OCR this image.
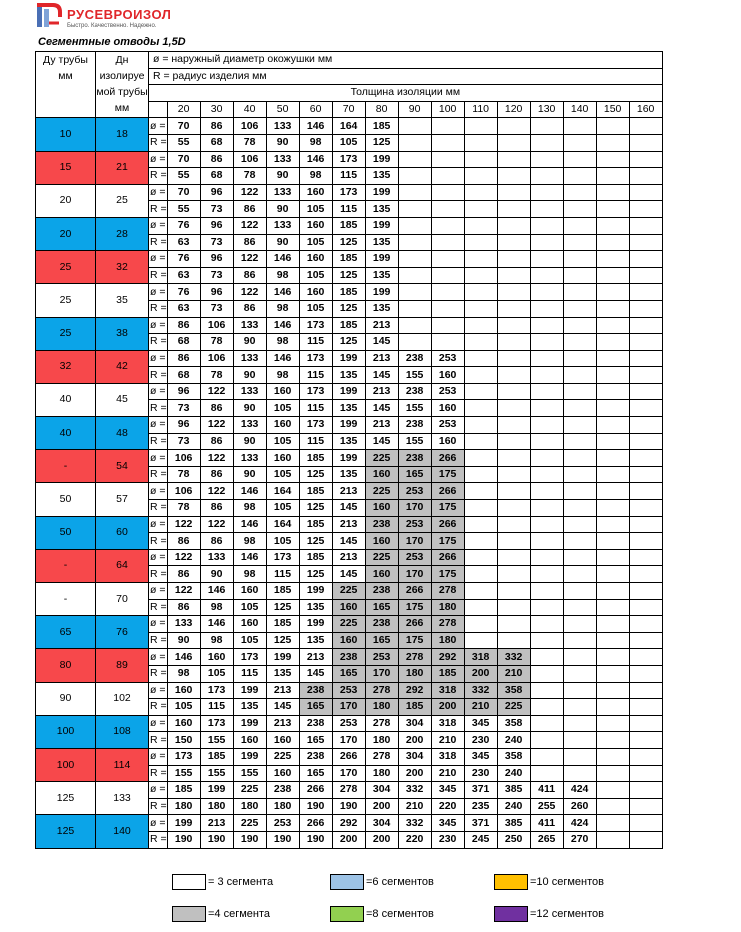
РУСЕВРОИЗОЛ
Быстро. Качественно. Надежно.
Сегментные отводы 1,5D
Ду трубы мм	Дн изолируе мой трубы мм	ø = наружный диаметр окожушки мм															
		R = радиус изделия мм															
		Толщина изоляции мм															
			20	30	40	50	60	70	80	90	100	110	120	130	140	150	160
10	18	ø =	70	86	106	133	146	164	185								
		R =	55	68	78	90	98	105	125								
15	21	ø =	70	86	106	133	146	173	199								
		R =	55	68	78	90	98	115	135								
20	25	ø =	70	96	122	133	160	173	199								
		R =	55	73	86	90	105	115	135								
20	28	ø =	76	96	122	133	160	185	199								
		R =	63	73	86	90	105	125	135								
25	32	ø =	76	96	122	146	160	185	199								
		R =	63	73	86	98	105	125	135								
25	35	ø =	76	96	122	146	160	185	199								
		R =	63	73	86	98	105	125	135								
25	38	ø =	86	106	133	146	173	185	213								
		R =	68	78	90	98	115	125	145								
32	42	ø =	86	106	133	146	173	199	213	238	253						
		R =	68	78	90	98	115	135	145	155	160						
40	45	ø =	96	122	133	160	173	199	213	238	253						
		R =	73	86	90	105	115	135	145	155	160						
40	48	ø =	96	122	133	160	173	199	213	238	253						
		R =	73	86	90	105	115	135	145	155	160						
-	54	ø =	106	122	133	160	185	199	225	238	266						
		R =	78	86	90	105	125	135	160	165	175						
50	57	ø =	106	122	146	164	185	213	225	253	266						
		R =	78	86	98	105	125	145	160	170	175						
50	60	ø =	122	122	146	164	185	213	238	253	266						
		R =	86	86	98	105	125	145	160	170	175						
-	64	ø =	122	133	146	173	185	213	225	253	266						
		R =	86	90	98	115	125	145	160	170	175						
-	70	ø =	122	146	160	185	199	225	238	266	278						
		R =	86	98	105	125	135	160	165	175	180						
65	76	ø =	133	146	160	185	199	225	238	266	278						
		R =	90	98	105	125	135	160	165	175	180						
80	89	ø =	146	160	173	199	213	238	253	278	292	318	332				
		R =	98	105	115	135	145	165	170	180	185	200	210				
90	102	ø =	160	173	199	213	238	253	278	292	318	332	358				
		R =	105	115	135	145	165	170	180	185	200	210	225				
100	108	ø =	160	173	199	213	238	253	278	304	318	345	358				
		R =	150	155	160	160	165	170	180	200	210	230	240				
100	114	ø =	173	185	199	225	238	266	278	304	318	345	358				
		R =	155	155	155	160	165	170	180	200	210	230	240				
125	133	ø =	185	199	225	238	266	278	304	332	345	371	385	411	424		
		R =	180	180	180	180	190	190	200	210	220	235	240	255	260		
125	140	ø =	199	213	225	253	266	292	304	332	345	371	385	411	424		
		R =	190	190	190	190	190	200	200	220	230	245	250	265	270		
= 3 сегмента	=6 сегментов	=10 сегментов
=4 сегмента	=8 сегментов	=12 сегментов
